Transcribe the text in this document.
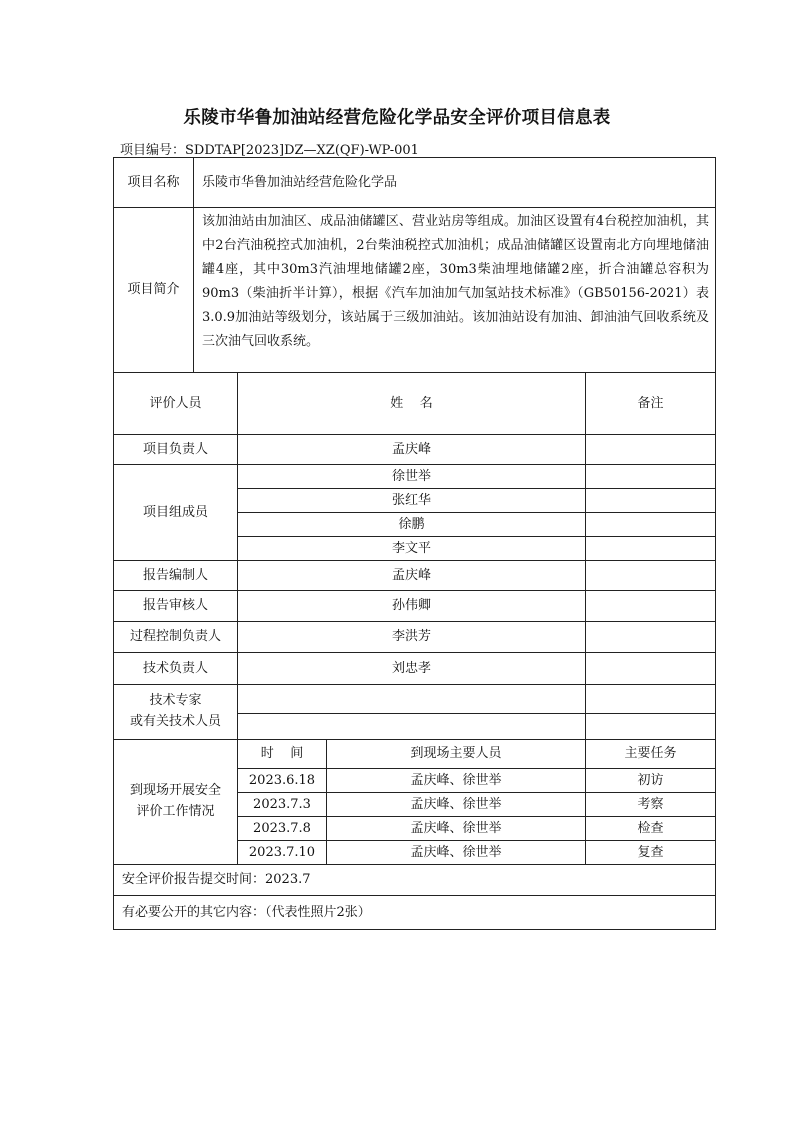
乐陵市华鲁加油站经营危险化学品安全评价项目信息表
项目编号：SDDTAP[2023]DZ—XZ(QF)-WP-001
项目名称	乐陵市华鲁加油站经营危险化学品			
项目简介	该加油站由加油区、成品油储罐区、营业站房等组成。加油区设置有4台税控加油机，其中2台汽油税控式加油机，2台柴油税控式加油机；成品油储罐区设置南北方向埋地储油罐4座，其中30m3汽油埋地储罐2座，30m3柴油埋地储罐2座，折合油罐总容积为90m3（柴油折半计算），根据《汽车加油加气加氢站技术标准》（GB50156-2021）表3.0.9加油站等级划分，该站属于三级加油站。该加油站设有加油、卸油油气回收系统及三次油气回收系统。			
评价人员		姓    名		备注
项目负责人		孟庆峰		
项目组成员		徐世举		
		张红华		
		徐鹏		
		李文平		
报告编制人		孟庆峰		
报告审核人		孙伟卿		
过程控制负责人		李洪芳		
技术负责人		刘忠孝		

技术专家
或有关技术人员				

到现场开展安全
评价工作情况		时    间	到现场主要人员	主要任务
		2023.6.18	孟庆峰、徐世举	初访
		2023.7.3	孟庆峰、徐世举	考察
		2023.7.8	孟庆峰、徐世举	检查
		2023.7.10	孟庆峰、徐世举	复查
安全评价报告提交时间：2023.7				
有必要公开的其它内容：（代表性照片2张）				
